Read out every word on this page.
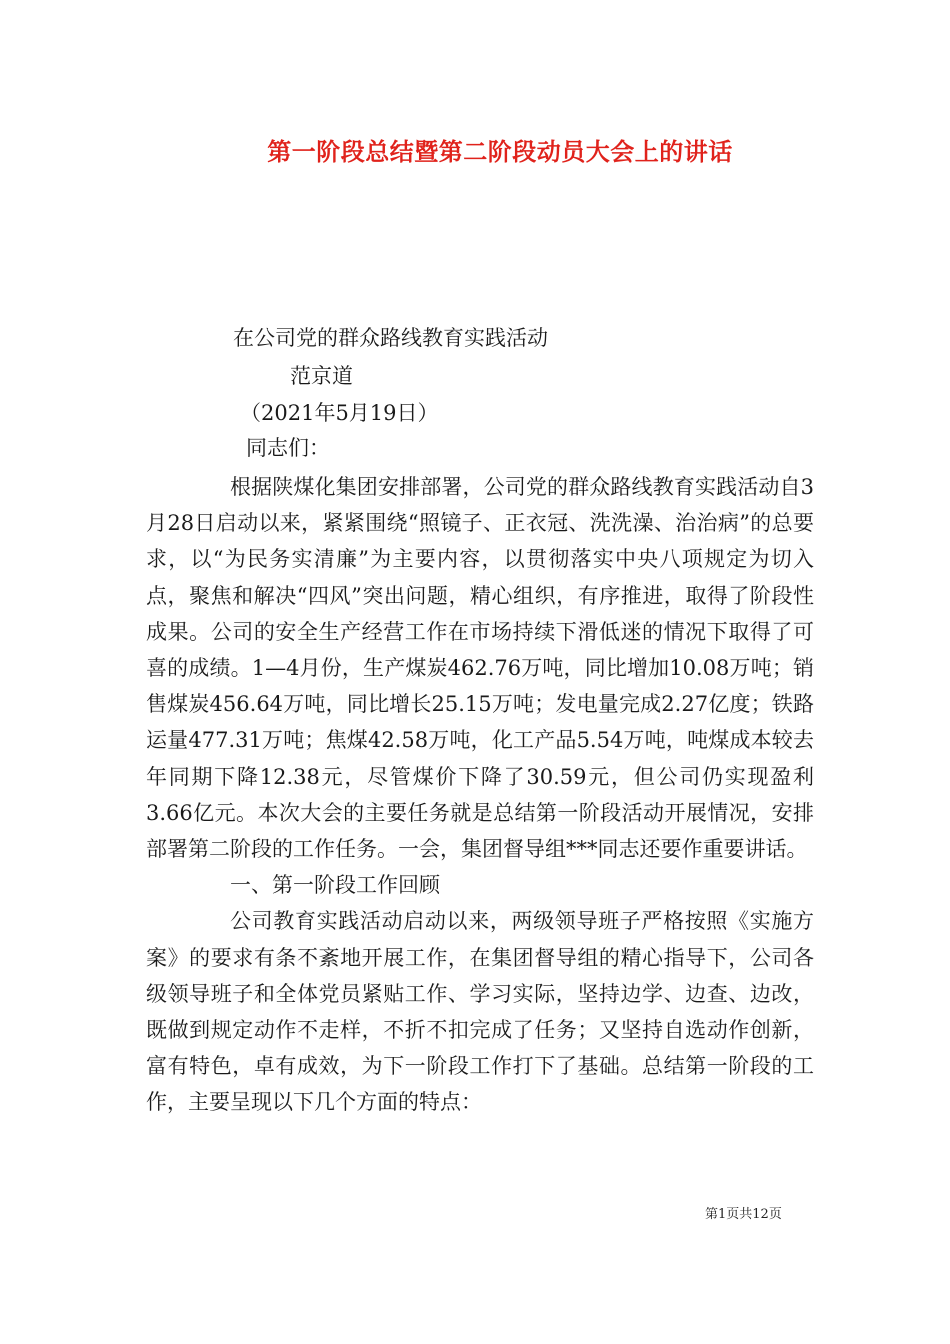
第一阶段总结暨第二阶段动员大会上的讲话
在公司党的群众路线教育实践活动
范京道
（2021年5月19日）
同志们：

根据陕煤化集团安排部署，公司党的群众路线教育实践活动自3月28日启动以来，紧紧围绕“照镜子、正衣冠、洗洗澡、治治病”的总要求，以“为民务实清廉”为主要内容，以贯彻落实中央八项规定为切入点，聚焦和解决“四风”突出问题，精心组织，有序推进，取得了阶段性成果。公司的安全生产经营工作在市场持续下滑低迷的情况下取得了可喜的成绩。1—4月份，生产煤炭462.76万吨，同比增加10.08万吨；销售煤炭456.64万吨，同比增长25.15万吨；发电量完成2.27亿度；铁路运量477.31万吨；焦煤42.58万吨，化工产品5.54万吨，吨煤成本较去年同期下降12.38元，尽管煤价下降了30.59元，但公司仍实现盈利3.66亿元。本次大会的主要任务就是总结第一阶段活动开展情况，安排部署第二阶段的工作任务。一会，集团督导组***同志还要作重要讲话。

一、第一阶段工作回顾

公司教育实践活动启动以来，两级领导班子严格按照《实施方案》的要求有条不紊地开展工作，在集团督导组的精心指导下，公司各级领导班子和全体党员紧贴工作、学习实际，坚持边学、边查、边改，既做到规定动作不走样，不折不扣完成了任务；又坚持自选动作创新，富有特色，卓有成效，为下一阶段工作打下了基础。总结第一阶段的工作，主要呈现以下几个方面的特点：

第1页共12页
